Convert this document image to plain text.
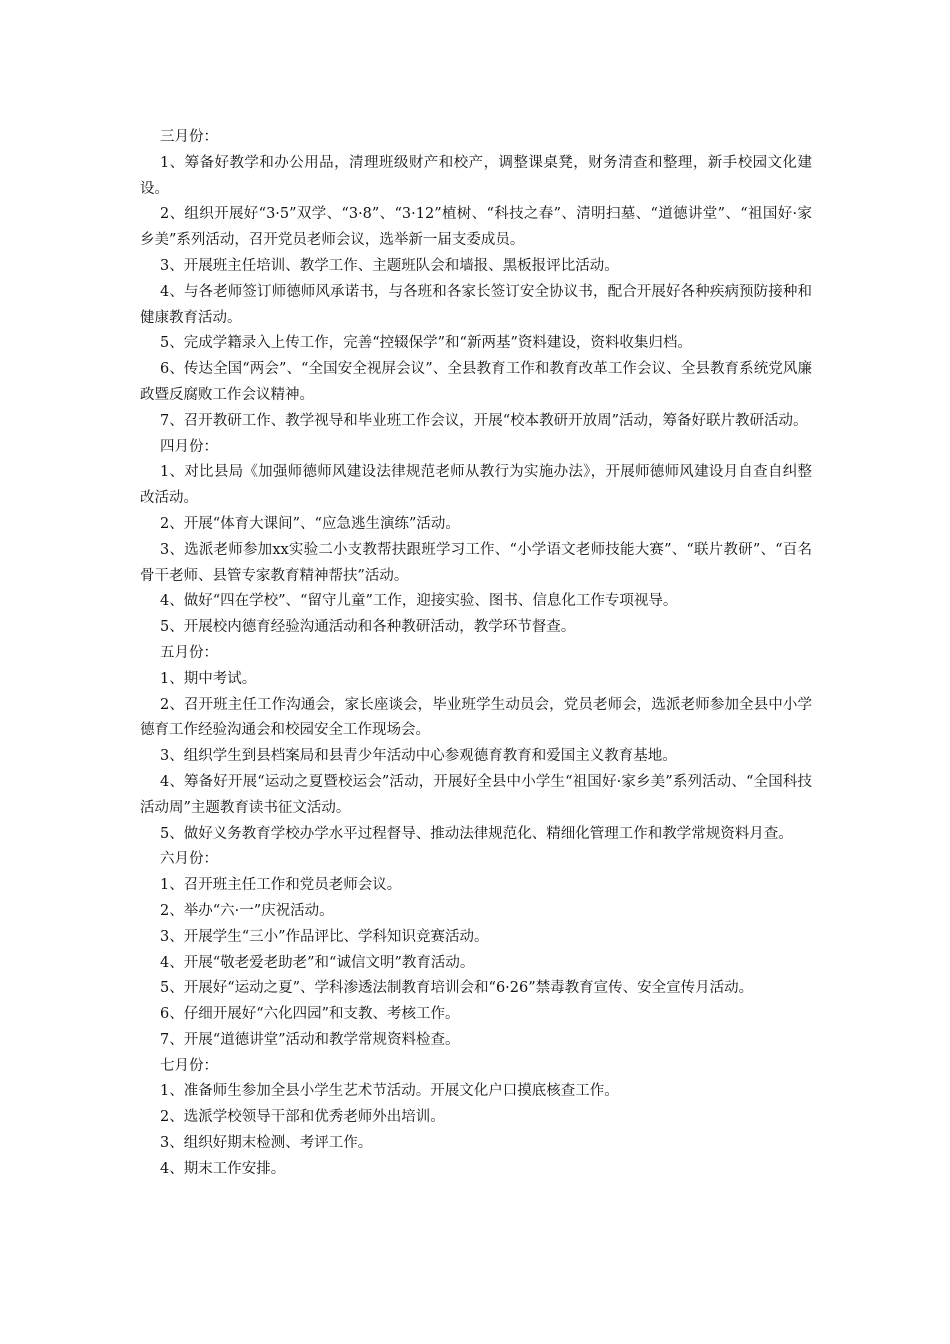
三月份：

1、筹备好教学和办公用品，清理班级财产和校产，调整课桌凳，财务清查和整理，新手校园文化建设。

2、组织开展好“3·5”双学、“3·8”、“3·12”植树、“科技之春”、清明扫墓、“道德讲堂”、“祖国好·家乡美”系列活动，召开党员老师会议，选举新一届支委成员。

3、开展班主任培训、教学工作、主题班队会和墙报、黑板报评比活动。

4、与各老师签订师德师风承诺书，与各班和各家长签订安全协议书，配合开展好各种疾病预防接种和健康教育活动。

5、完成学籍录入上传工作，完善“控辍保学”和“新两基”资料建设，资料收集归档。

6、传达全国“两会”、“全国安全视屏会议”、全县教育工作和教育改革工作会议、全县教育系统党风廉政暨反腐败工作会议精神。

7、召开教研工作、教学视导和毕业班工作会议，开展“校本教研开放周”活动，筹备好联片教研活动。

四月份：

1、对比县局《加强师德师风建设法律规范老师从教行为实施办法》，开展师德师风建设月自查自纠整改活动。

2、开展“体育大课间”、“应急逃生演练”活动。

3、选派老师参加xx实验二小支教帮扶跟班学习工作、“小学语文老师技能大赛”、“联片教研”、“百名骨干老师、县管专家教育精神帮扶”活动。

4、做好“四在学校”、“留守儿童”工作，迎接实验、图书、信息化工作专项视导。

5、开展校内德育经验沟通活动和各种教研活动，教学环节督查。

五月份：

1、期中考试。

2、召开班主任工作沟通会，家长座谈会，毕业班学生动员会，党员老师会，选派老师参加全县中小学德育工作经验沟通会和校园安全工作现场会。

3、组织学生到县档案局和县青少年活动中心参观德育教育和爱国主义教育基地。

4、筹备好开展“运动之夏暨校运会”活动，开展好全县中小学生“祖国好·家乡美”系列活动、“全国科技活动周”主题教育读书征文活动。

5、做好义务教育学校办学水平过程督导、推动法律规范化、精细化管理工作和教学常规资料月查。

六月份：

1、召开班主任工作和党员老师会议。

2、举办“六·一”庆祝活动。

3、开展学生“三小”作品评比、学科知识竞赛活动。

4、开展“敬老爱老助老”和“诚信文明”教育活动。

5、开展好“运动之夏”、学科渗透法制教育培训会和“6·26”禁毒教育宣传、安全宣传月活动。

6、仔细开展好“六化四园”和支教、考核工作。

7、开展“道德讲堂”活动和教学常规资料检查。

七月份：

1、准备师生参加全县小学生艺术节活动。开展文化户口摸底核查工作。

2、选派学校领导干部和优秀老师外出培训。

3、组织好期末检测、考评工作。

4、期末工作安排。
